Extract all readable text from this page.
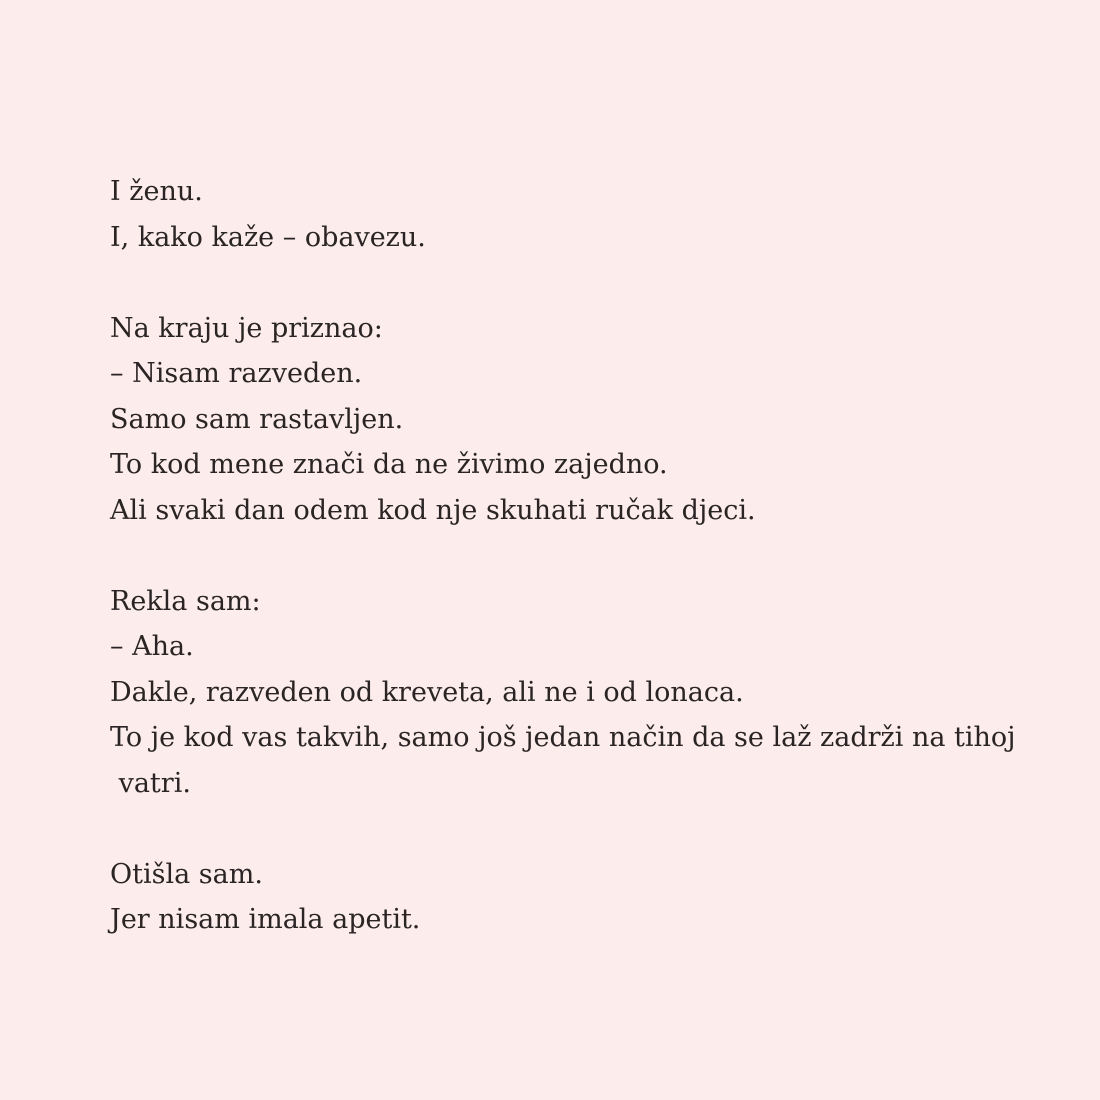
I ženu.
I, kako kaže – obavezu.
Na kraju je priznao:
– Nisam razveden.
Samo sam rastavljen.
To kod mene znači da ne živimo zajedno.
Ali svaki dan odem kod nje skuhati ručak djeci.
Rekla sam:
– Aha.
Dakle, razveden od kreveta, ali ne i od lonaca.
To je kod vas takvih, samo još jedan način da se laž zadrži na tihoj
vatri.
Otišla sam.
Jer nisam imala apetit.
